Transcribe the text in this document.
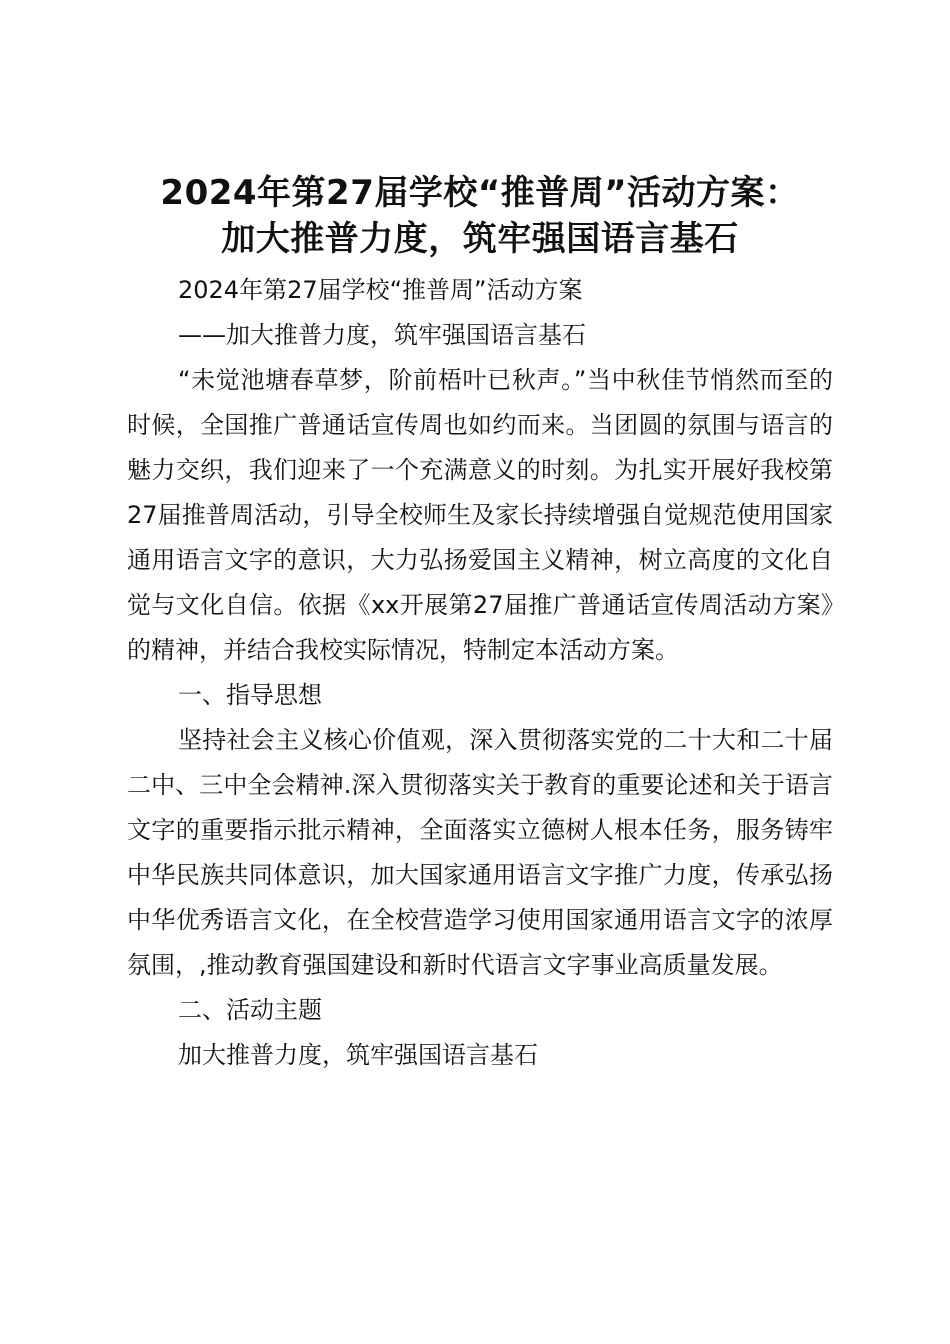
2024年第27届学校“推普周”活动方案：
加大推普力度，筑牢强国语言基石

2024年第27届学校“推普周”活动方案

——加大推普力度，筑牢强国语言基石

“未觉池塘春草梦，阶前梧叶已秋声。”当中秋佳节悄然而至的时候，全国推广普通话宣传周也如约而来。当团圆的氛围与语言的魅力交织，我们迎来了一个充满意义的时刻。为扎实开展好我校第27届推普周活动，引导全校师生及家长持续增强自觉规范使用国家通用语言文字的意识，大力弘扬爱国主义精神，树立高度的文化自觉与文化自信。依据《xx开展第27届推广普通话宣传周活动方案》的精神，并结合我校实际情况，特制定本活动方案。

一、指导思想

坚持社会主义核心价值观，深入贯彻落实党的二十大和二十届二中、三中全会精神.深入贯彻落实关于教育的重要论述和关于语言文字的重要指示批示精神，全面落实立德树人根本任务，服务铸牢中华民族共同体意识，加大国家通用语言文字推广力度，传承弘扬中华优秀语言文化，在全校营造学习使用国家通用语言文字的浓厚氛围，,推动教育强国建设和新时代语言文字事业高质量发展。

二、活动主题

加大推普力度，筑牢强国语言基石
